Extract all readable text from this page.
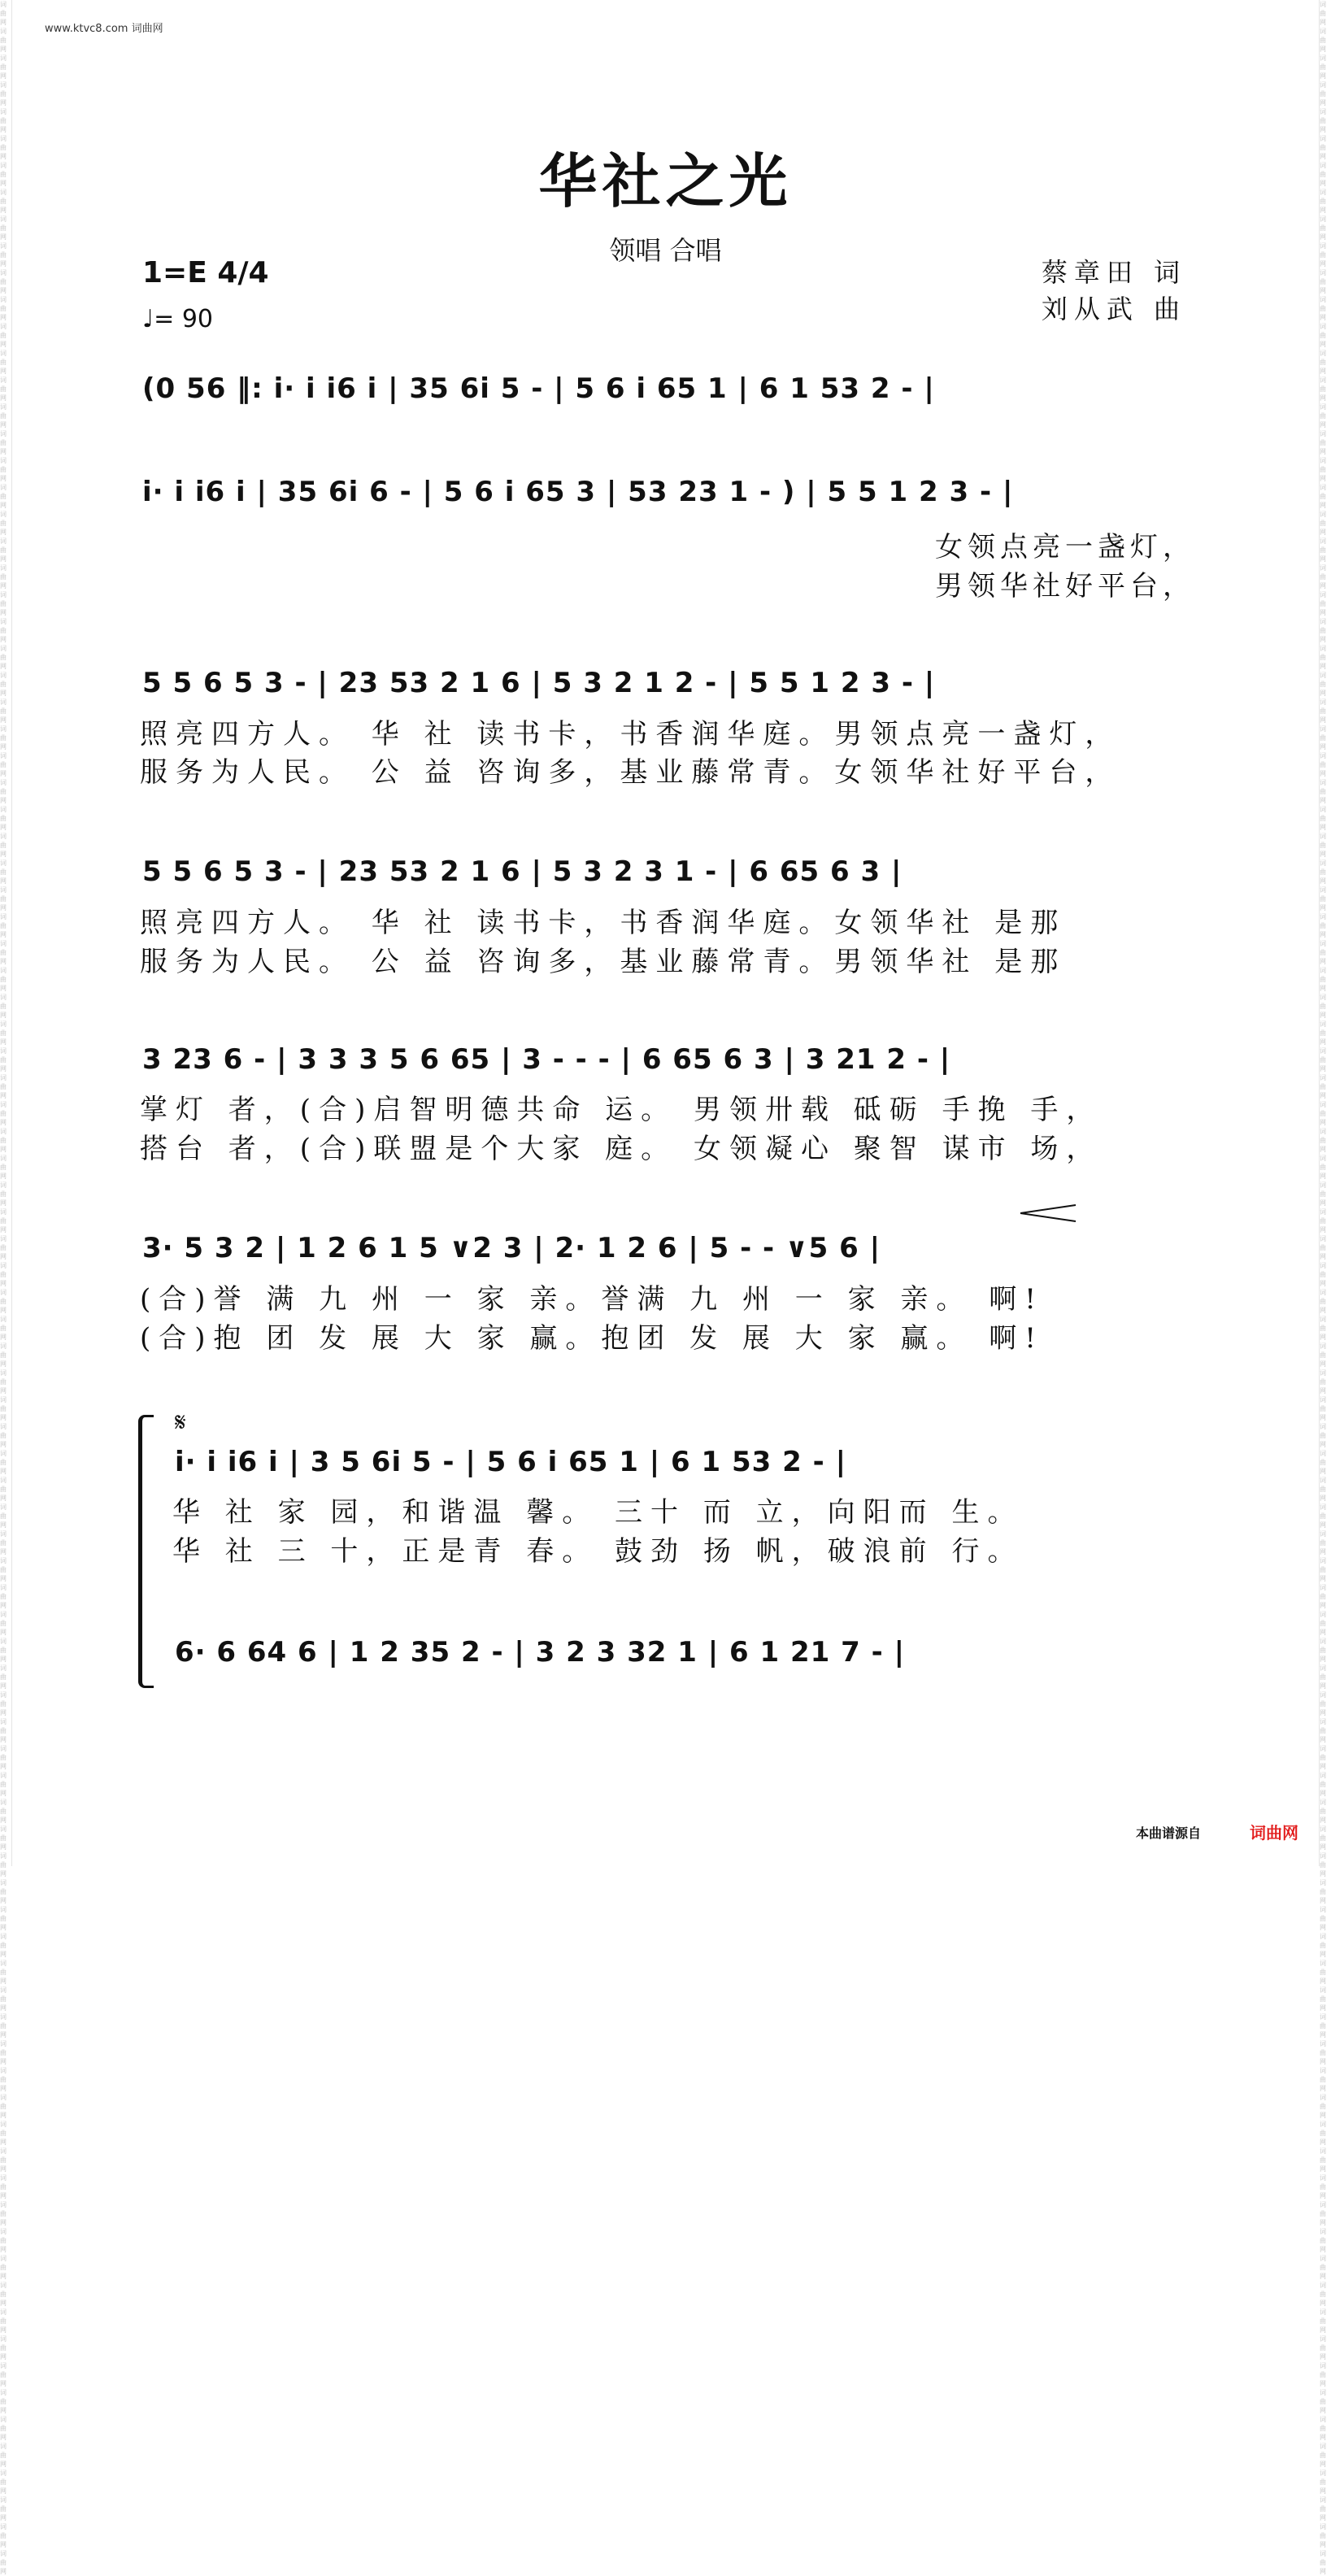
词曲网词曲网词曲网词曲网词曲网词曲网词曲网词曲网词曲网词曲网词曲网词曲网词曲网词曲网词曲网词曲网词曲网词曲网词曲网词曲网词曲网词曲网词曲网词曲网词曲网词曲网词曲网词曲网词曲网词曲网词曲网词曲网词曲网词曲网词曲网词曲网词曲网词曲网词曲网词曲网词曲网词曲网词曲网词曲网词曲网词曲网词曲网词曲网词曲网词曲网词曲网词曲网词曲网词曲网词曲网词曲网词曲网词曲网词曲网词曲网词曲网词曲网词曲网词曲网词曲网词曲网词曲网词曲网词曲网词曲网词曲网词曲网词曲网词曲网词曲网词曲网词曲网词曲网词曲网词曲网词曲网词曲网词曲网词曲网词曲网词曲网词曲网词曲网词曲网词曲网词曲网词曲网词曲网词曲网词曲网词曲网
词曲网词曲网词曲网词曲网词曲网词曲网词曲网词曲网词曲网词曲网词曲网词曲网词曲网词曲网词曲网词曲网词曲网词曲网词曲网词曲网词曲网词曲网词曲网词曲网词曲网词曲网词曲网词曲网词曲网词曲网词曲网词曲网词曲网词曲网词曲网词曲网词曲网词曲网词曲网词曲网词曲网词曲网词曲网词曲网词曲网词曲网词曲网词曲网词曲网词曲网词曲网词曲网词曲网词曲网词曲网词曲网词曲网词曲网词曲网词曲网词曲网词曲网词曲网词曲网词曲网词曲网词曲网词曲网词曲网词曲网词曲网词曲网词曲网词曲网词曲网词曲网词曲网词曲网词曲网词曲网词曲网词曲网词曲网词曲网词曲网词曲网词曲网词曲网词曲网词曲网词曲网词曲网词曲网词曲网词曲网词曲网
www.ktvc8.com 词曲网
华社之光
领唱 合唱
蔡章田 词
刘从武 曲
1=E 4/4
♩= 90
(0 56 ‖: i· i i6 i | 35 6i 5 - | 5 6 i 65 1 | 6 1 53 2 - |
i· i i6 i | 35 6i 6 - | 5 6 i 65 3 | 53 23 1 - ) | 5 5 1 2 3 - |
女领点亮一盏灯，
男领华社好平台，
5 5 6 5 3 - | 23 53 2 1 6 | 5 3 2 1 2 - | 5 5 1 2 3 - |
照亮四方人。 华 社 读书卡，书香润华庭。男领点亮一盏灯，
服务为人民。 公 益 咨询多，基业藤常青。女领华社好平台，
5 5 6 5 3 - | 23 53 2 1 6 | 5 3 2 3 1 - | 6 65 6 3 |
照亮四方人。 华 社 读书卡，书香润华庭。女领华社 是那
服务为人民。 公 益 咨询多，基业藤常青。男领华社 是那
3 23 6 - | 3 3 3 5 6 65 | 3 - - - | 6 65 6 3 | 3 21 2 - |
掌灯 者，(合)启智明德共命 运。 男领卅载 砥砺 手挽 手，
搭台 者，(合)联盟是个大家 庭。 女领凝心 聚智 谋市 场，
3· 5 3 2 | 1 2 6 1 5 ∨2 3 | 2· 1 2 6 | 5 - - ∨5 6 |
(合)誉 满 九 州 一 家 亲。誉满 九 州 一 家 亲。 啊!
(合)抱 团 发 展 大 家 赢。抱团 发 展 大 家 赢。 啊!
𝄋
i· i i6 i | 3 5 6i 5 - | 5 6 i 65 1 | 6 1 53 2 - |
华 社 家 园，和谐温 馨。 三十 而 立，向阳而 生。
华 社 三 十，正是青 春。 鼓劲 扬 帆，破浪前 行。
6· 6 64 6 | 1 2 35 2 - | 3 2 3 32 1 | 6 1 21 7 - |
本曲谱源自	词曲网
